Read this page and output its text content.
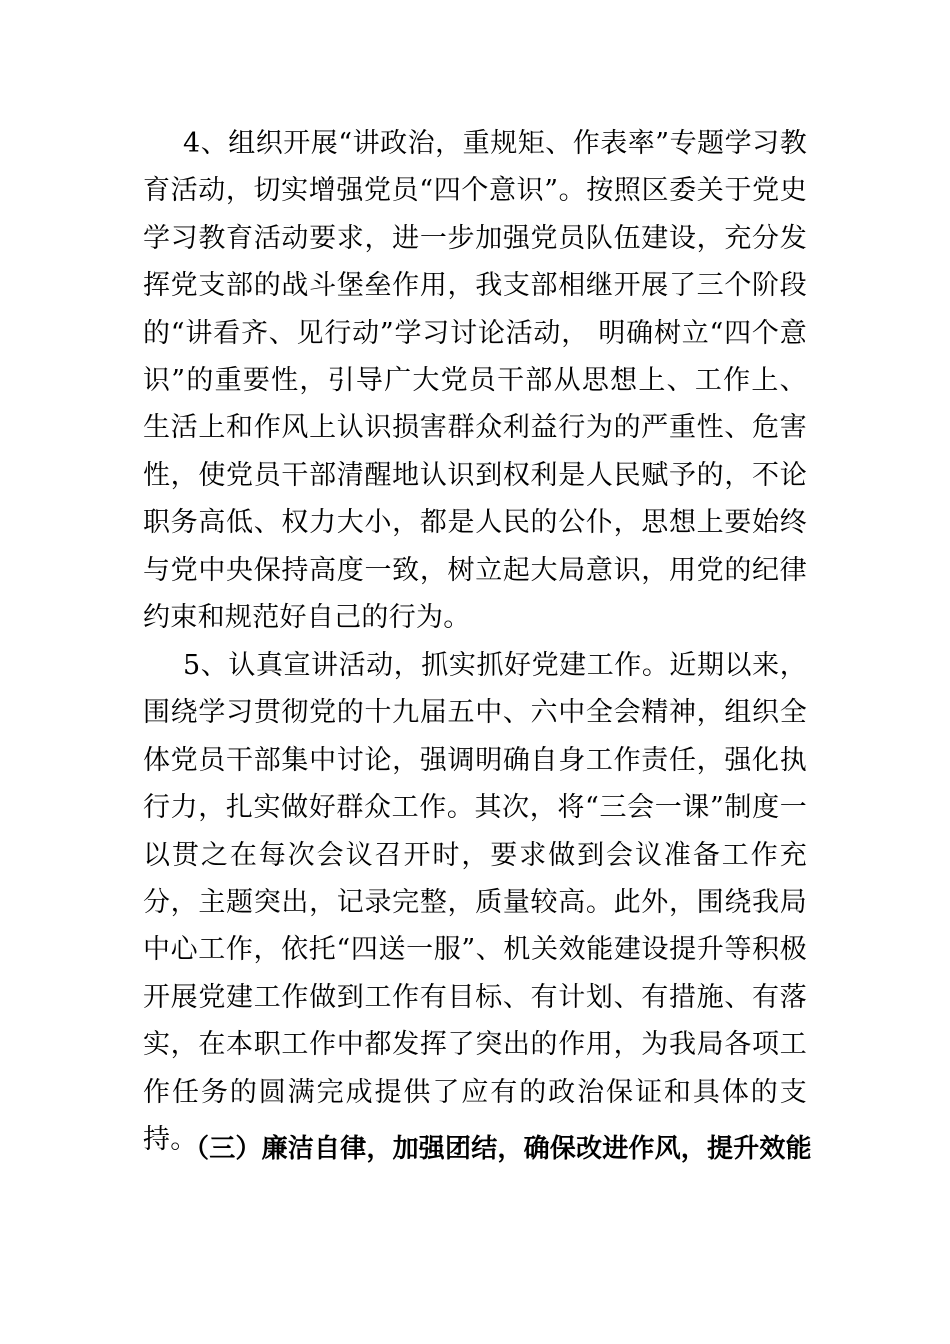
4、组织开展“讲政治，重规矩、作表率”专题学习教育活动，切实增强党员“四个意识”。按照区委关于党史学习教育活动要求，进一步加强党员队伍建设，充分发挥党支部的战斗堡垒作用，我支部相继开展了三个阶段的“讲看齐、见行动”学习讨论活动， 明确树立“四个意识”的重要性，引导广大党员干部从思想上、工作上、生活上和作风上认识损害群众利益行为的严重性、危害性，使党员干部清醒地认识到权利是人民赋予的，不论职务高低、权力大小，都是人民的公仆，思想上要始终与党中央保持高度一致，树立起大局意识，用党的纪律约束和规范好自己的行为。

5、认真宣讲活动，抓实抓好党建工作。近期以来，围绕学习贯彻党的十九届五中、六中全会精神，组织全体党员干部集中讨论，强调明确自身工作责任，强化执行力，扎实做好群众工作。其次，将“三会一课”制度一以贯之在每次会议召开时，要求做到会议准备工作充分，主题突出，记录完整，质量较高。此外，围绕我局中心工作，依托“四送一服”、机关效能建设提升等积极开展党建工作做到工作有目标、有计划、有措施、有落实，在本职工作中都发挥了突出的作用，为我局各项工作任务的圆满完成提供了应有的政治保证和具体的支持。

（三）廉洁自律，加强团结，确保改进作风，提升效能
